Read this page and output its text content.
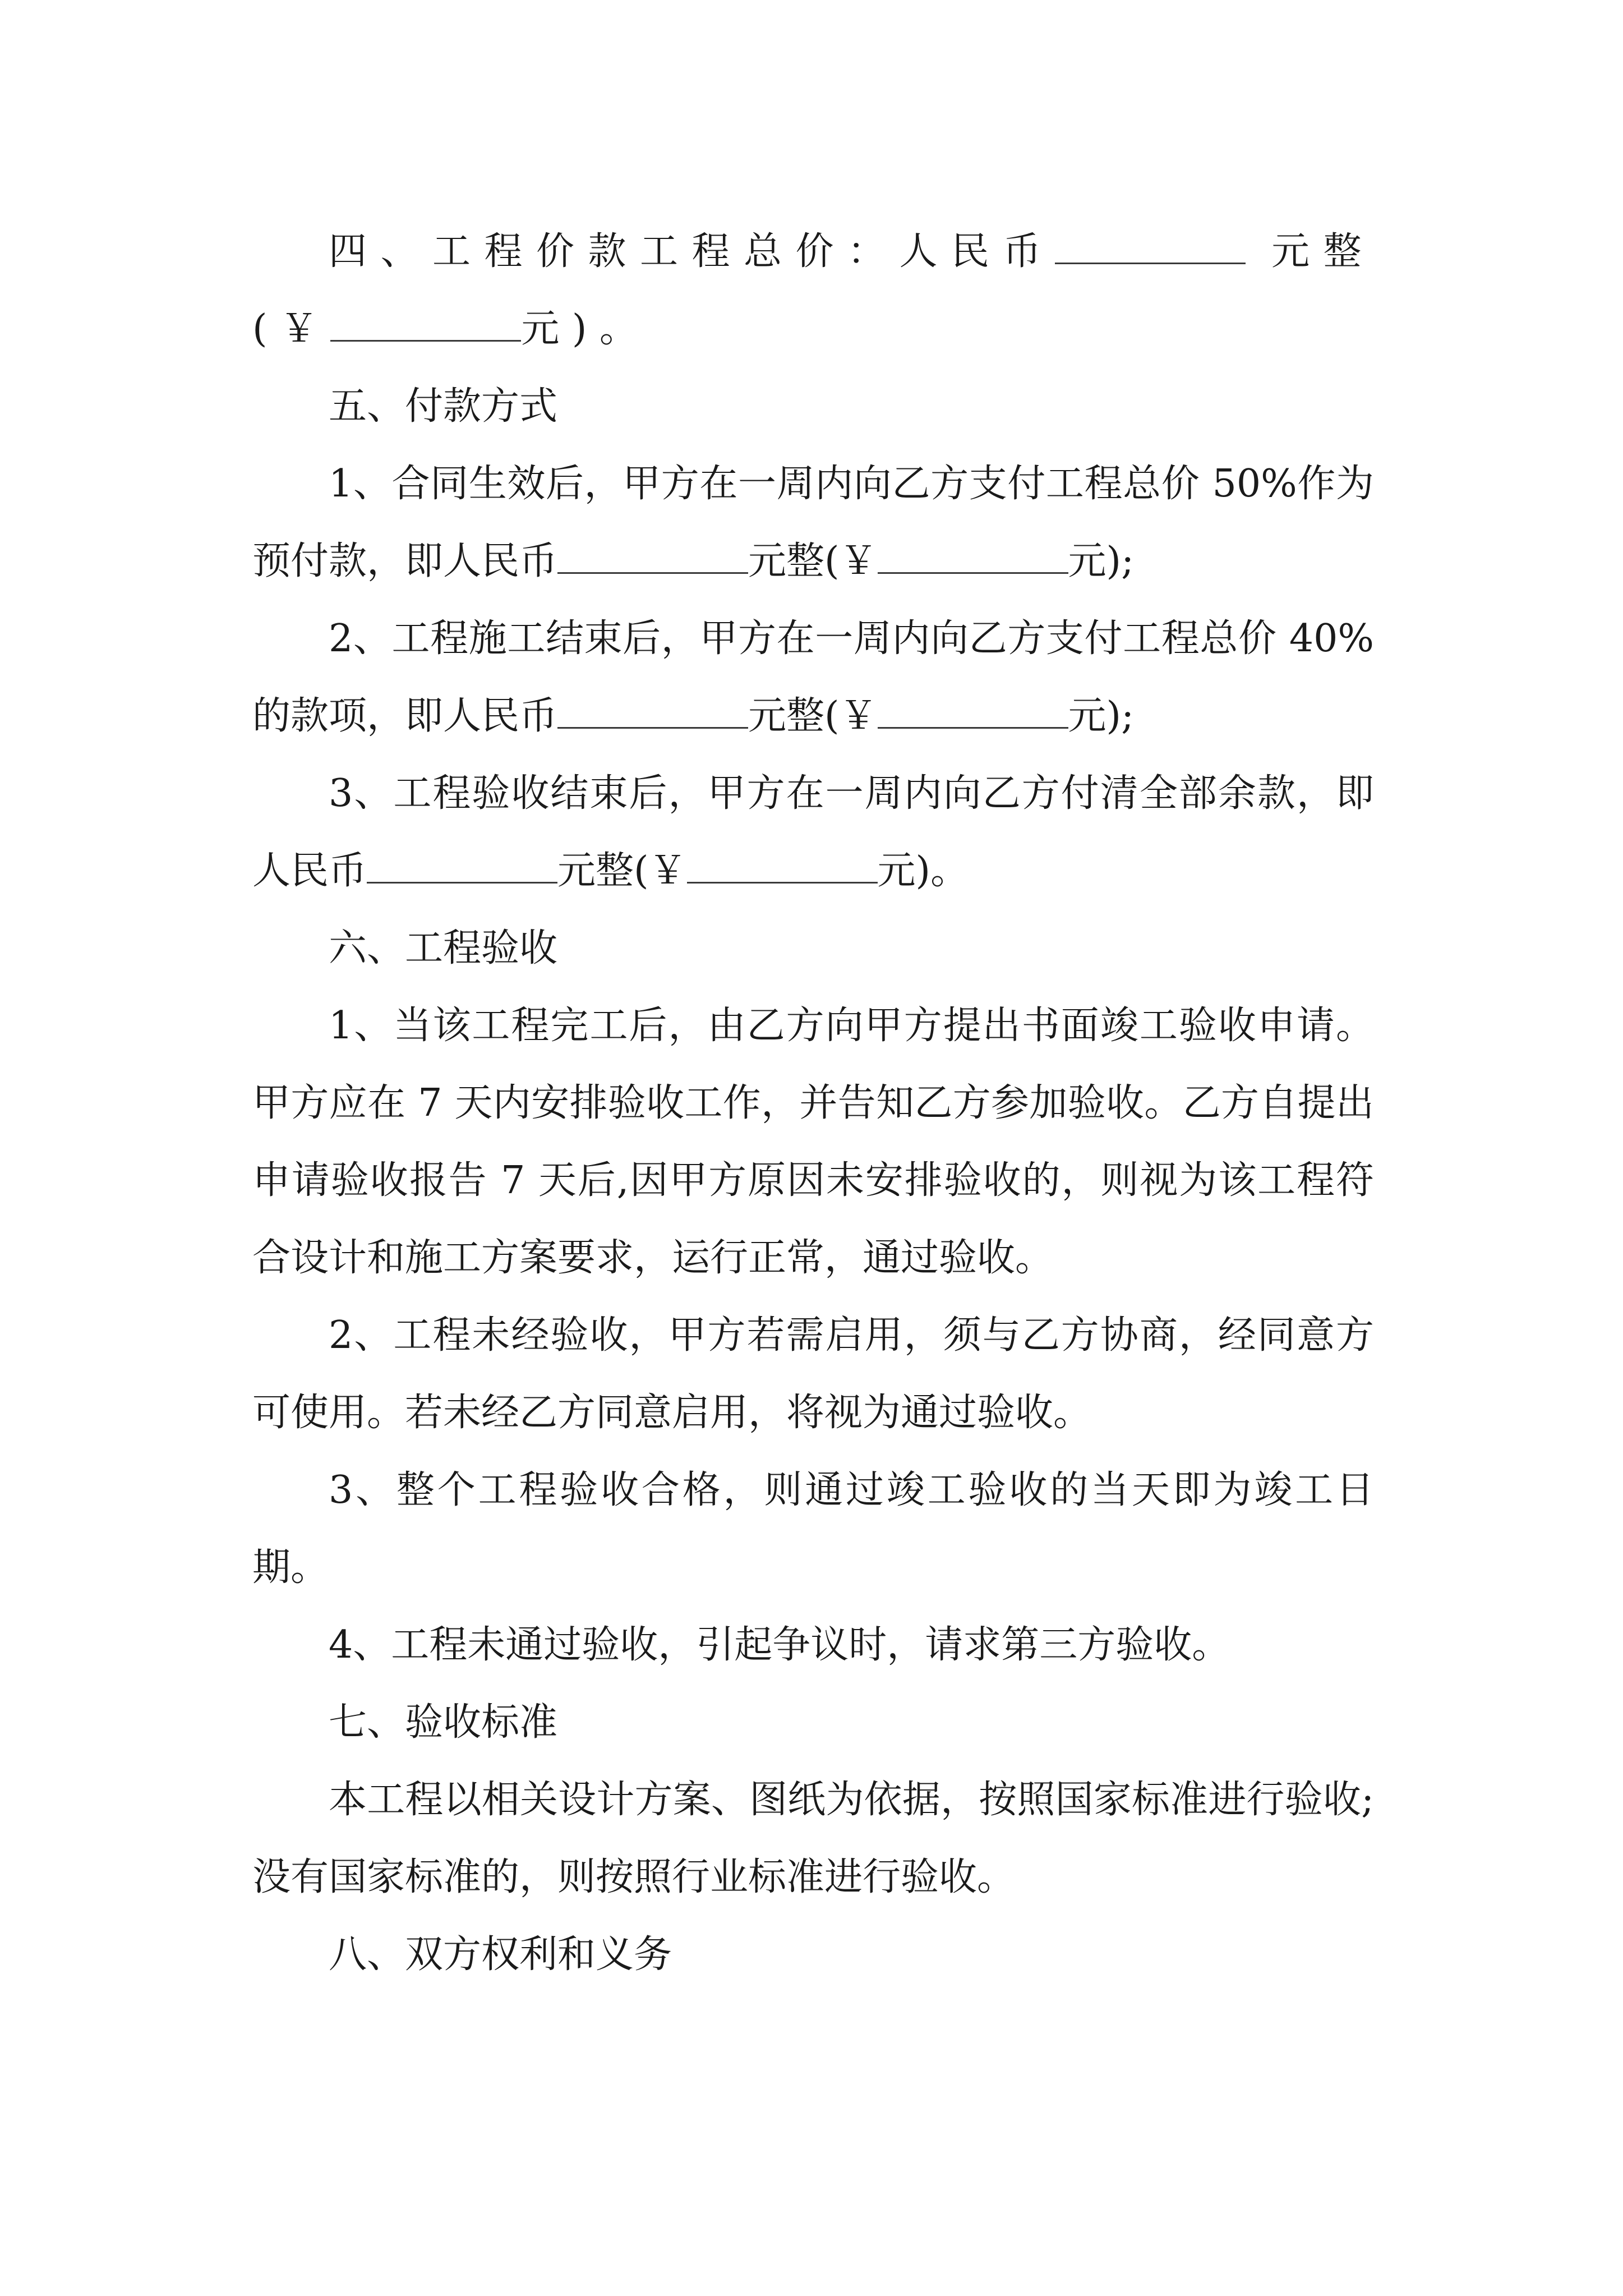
四、工程价款工程总价：人民币	元整(￥	元)。

五、付款方式

1、合同生效后，甲方在一周内向乙方支付工程总价 50%作为预付款，即人民币	元整(￥	元);

2、工程施工结束后，甲方在一周内向乙方支付工程总价 40%的款项，即人民币	元整(￥	元);

3、工程验收结束后，甲方在一周内向乙方付清全部余款，即人民币	元整(￥	元)。

六、工程验收

1、当该工程完工后，由乙方向甲方提出书面竣工验收申请。甲方应在 7 天内安排验收工作，并告知乙方参加验收。乙方自提出申请验收报告 7 天后,因甲方原因未安排验收的，则视为该工程符合设计和施工方案要求，运行正常，通过验收。

2、工程未经验收，甲方若需启用，须与乙方协商，经同意方可使用。若未经乙方同意启用，将视为通过验收。

3、整个工程验收合格，则通过竣工验收的当天即为竣工日期。

4、工程未通过验收，引起争议时，请求第三方验收。

七、验收标准

本工程以相关设计方案、图纸为依据，按照国家标准进行验收;没有国家标准的，则按照行业标准进行验收。

八、双方权利和义务
